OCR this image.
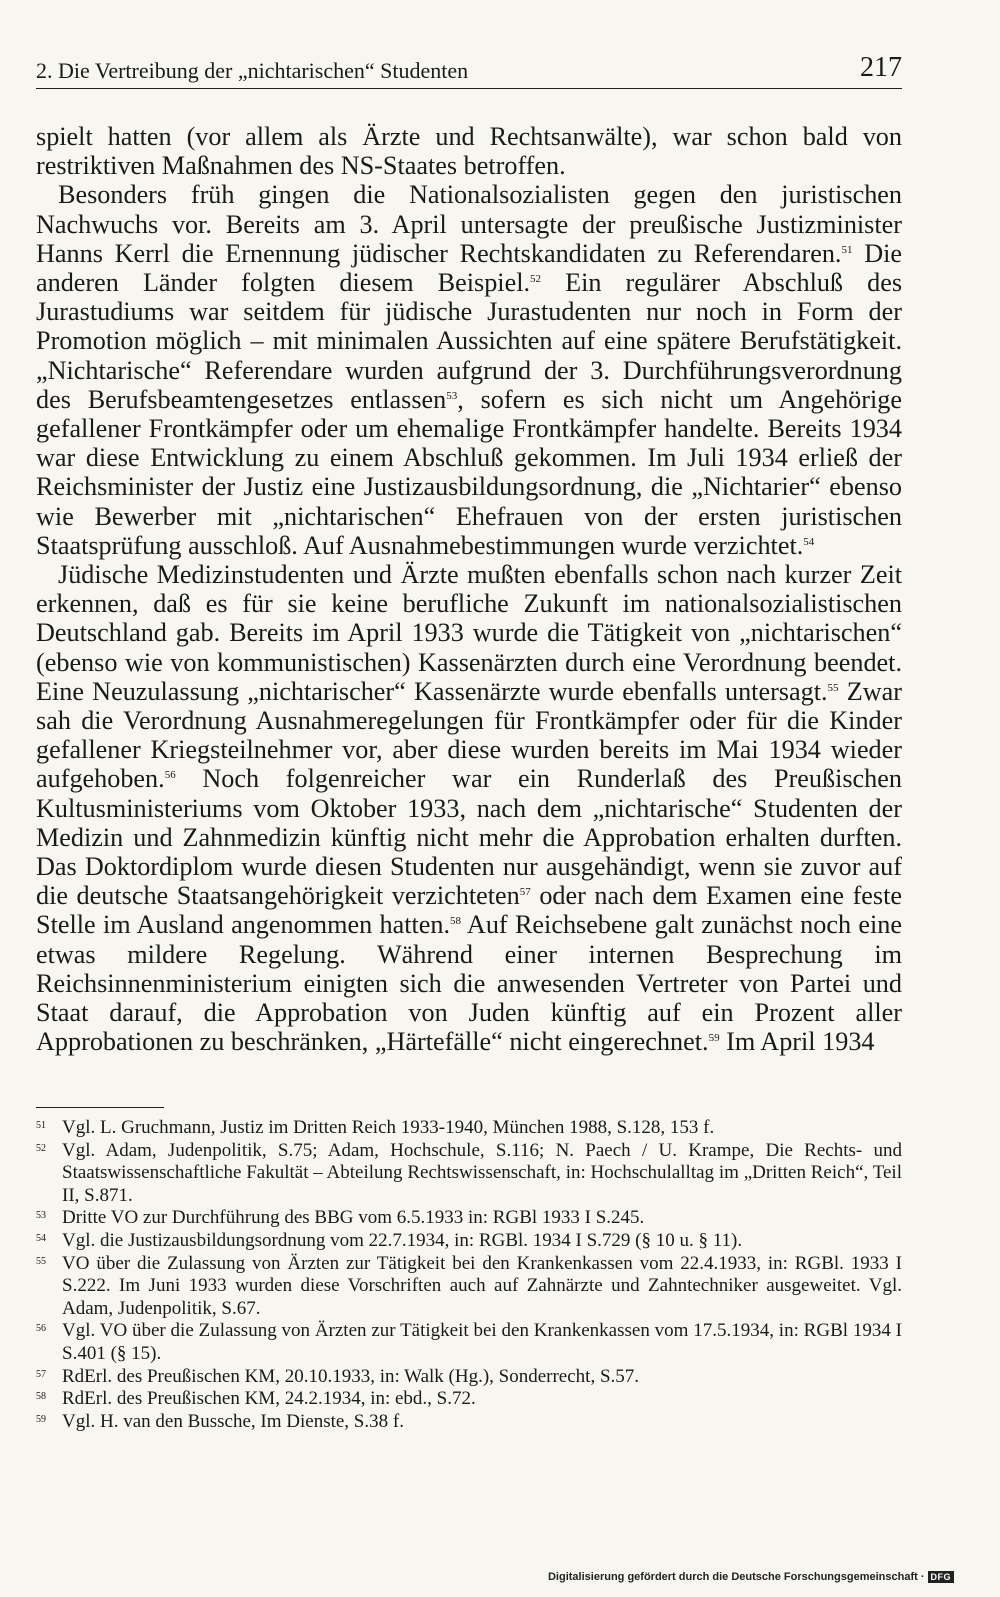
2. Die Vertreibung der „nichtarischen“ Studenten	217

spielt hatten (vor allem als Ärzte und Rechtsanwälte), war schon bald von restriktiven Maßnahmen des NS-Staates betroffen.

Besonders früh gingen die Nationalsozialisten gegen den juristischen Nachwuchs vor. Bereits am 3. April untersagte der preußische Justizminister Hanns Kerrl die Ernennung jüdischer Rechtskandidaten zu Referendaren.$^{51}$ Die anderen Länder folgten diesem Beispiel.$^{52}$ Ein regulärer Abschluß des Jurastudiums war seitdem für jüdische Jurastudenten nur noch in Form der Promotion möglich – mit minimalen Aussichten auf eine spätere Berufstätigkeit. „Nichtarische“ Referendare wurden aufgrund der 3. Durchführungsverordnung des Berufsbeamtengesetzes entlassen$^{53}$, sofern es sich nicht um Angehörige gefallener Frontkämpfer oder um ehemalige Frontkämpfer handelte. Bereits 1934 war diese Entwicklung zu einem Abschluß gekommen. Im Juli 1934 erließ der Reichsminister der Justiz eine Justizausbildungsordnung, die „Nichtarier“ ebenso wie Bewerber mit „nichtarischen“ Ehefrauen von der ersten juristischen Staatsprüfung ausschloß. Auf Ausnahmebestimmungen wurde verzichtet.$^{54}$

Jüdische Medizinstudenten und Ärzte mußten ebenfalls schon nach kurzer Zeit erkennen, daß es für sie keine berufliche Zukunft im nationalsozialistischen Deutschland gab. Bereits im April 1933 wurde die Tätigkeit von „nichtarischen“ (ebenso wie von kommunistischen) Kassenärzten durch eine Verordnung beendet. Eine Neuzulassung „nichtarischer“ Kassenärzte wurde ebenfalls untersagt.$^{55}$ Zwar sah die Verordnung Ausnahmeregelungen für Frontkämpfer oder für die Kinder gefallener Kriegsteilnehmer vor, aber diese wurden bereits im Mai 1934 wieder aufgehoben.$^{56}$ Noch folgenreicher war ein Runderlaß des Preußischen Kultusministeriums vom Oktober 1933, nach dem „nichtarische“ Studenten der Medizin und Zahnmedizin künftig nicht mehr die Approbation erhalten durften. Das Doktordiplom wurde diesen Studenten nur ausgehändigt, wenn sie zuvor auf die deutsche Staatsangehörigkeit verzichteten$^{57}$ oder nach dem Examen eine feste Stelle im Ausland angenommen hatten.$^{58}$ Auf Reichsebene galt zunächst noch eine etwas mildere Regelung. Während einer internen Besprechung im Reichsinnenministerium einigten sich die anwesenden Vertreter von Partei und Staat darauf, die Approbation von Juden künftig auf ein Prozent aller Approbationen zu beschränken, „Härtefälle“ nicht eingerechnet.$^{59}$ Im April 1934

51 Vgl. L. Gruchmann, Justiz im Dritten Reich 1933-1940, München 1988, S.128, 153 f.
52 Vgl. Adam, Judenpolitik, S.75; Adam, Hochschule, S.116; N. Paech / U. Krampe, Die Rechts- und Staatswissenschaftliche Fakultät – Abteilung Rechtswissenschaft, in: Hochschulalltag im „Dritten Reich“, Teil II, S.871.
53 Dritte VO zur Durchführung des BBG vom 6.5.1933 in: RGBl 1933 I S.245.
54 Vgl. die Justizausbildungsordnung vom 22.7.1934, in: RGBl. 1934 I S.729 (§ 10 u. § 11).
55 VO über die Zulassung von Ärzten zur Tätigkeit bei den Krankenkassen vom 22.4.1933, in: RGBl. 1933 I S.222. Im Juni 1933 wurden diese Vorschriften auch auf Zahnärzte und Zahntechniker ausgeweitet. Vgl. Adam, Judenpolitik, S.67.
56 Vgl. VO über die Zulassung von Ärzten zur Tätigkeit bei den Krankenkassen vom 17.5.1934, in: RGBl 1934 I S.401 (§ 15).
57 RdErl. des Preußischen KM, 20.10.1933, in: Walk (Hg.), Sonderrecht, S.57.
58 RdErl. des Preußischen KM, 24.2.1934, in: ebd., S.72.
59 Vgl. H. van den Bussche, Im Dienste, S.38 f.
Digitalisierung gefördert durch die Deutsche Forschungsgemeinschaft · DFG
